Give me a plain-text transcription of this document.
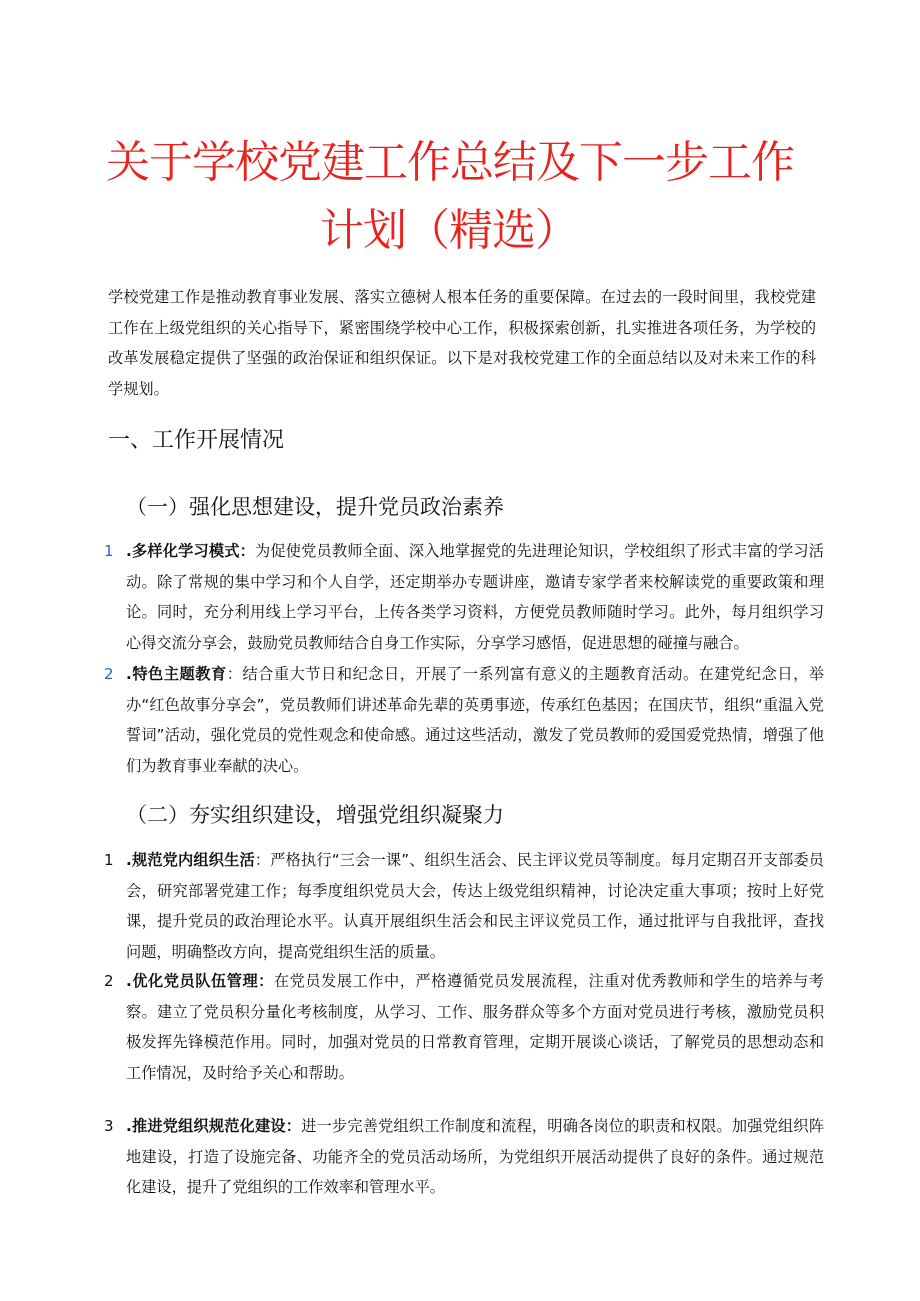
关于学校党建工作总结及下一步工作
计划（精选）

学校党建工作是推动教育事业发展、落实立德树人根本任务的重要保障。在过去的一段时间里，我校党建工作在上级党组织的关心指导下，紧密围绕学校中心工作，积极探索创新，扎实推进各项任务，为学校的改革发展稳定提供了坚强的政治保证和组织保证。以下是对我校党建工作的全面总结以及对未来工作的科学规划。

一、工作开展情况
（一）强化思想建设，提升党员政治素养
1 .多样化学习模式：为促使党员教师全面、深入地掌握党的先进理论知识，学校组织了形式丰富的学习活动。除了常规的集中学习和个人自学，还定期举办专题讲座，邀请专家学者来校解读党的重要政策和理论。同时，充分利用线上学习平台，上传各类学习资料，方便党员教师随时学习。此外，每月组织学习心得交流分享会，鼓励党员教师结合自身工作实际，分享学习感悟，促进思想的碰撞与融合。
2 .特色主题教育：结合重大节日和纪念日，开展了一系列富有意义的主题教育活动。在建党纪念日，举办“红色故事分享会”，党员教师们讲述革命先辈的英勇事迹，传承红色基因；在国庆节，组织“重温入党誓词”活动，强化党员的党性观念和使命感。通过这些活动，激发了党员教师的爱国爱党热情，增强了他们为教育事业奉献的决心。
（二）夯实组织建设，增强党组织凝聚力
1 .规范党内组织生活：严格执行“三会一课”、组织生活会、民主评议党员等制度。每月定期召开支部委员会，研究部署党建工作；每季度组织党员大会，传达上级党组织精神，讨论决定重大事项；按时上好党课，提升党员的政治理论水平。认真开展组织生活会和民主评议党员工作，通过批评与自我批评，查找问题，明确整改方向，提高党组织生活的质量。
2 .优化党员队伍管理：在党员发展工作中，严格遵循党员发展流程，注重对优秀教师和学生的培养与考察。建立了党员积分量化考核制度，从学习、工作、服务群众等多个方面对党员进行考核，激励党员积极发挥先锋模范作用。同时，加强对党员的日常教育管理，定期开展谈心谈话，了解党员的思想动态和工作情况，及时给予关心和帮助。
3 .推进党组织规范化建设：进一步完善党组织工作制度和流程，明确各岗位的职责和权限。加强党组织阵地建设，打造了设施完备、功能齐全的党员活动场所，为党组织开展活动提供了良好的条件。通过规范化建设，提升了党组织的工作效率和管理水平。
